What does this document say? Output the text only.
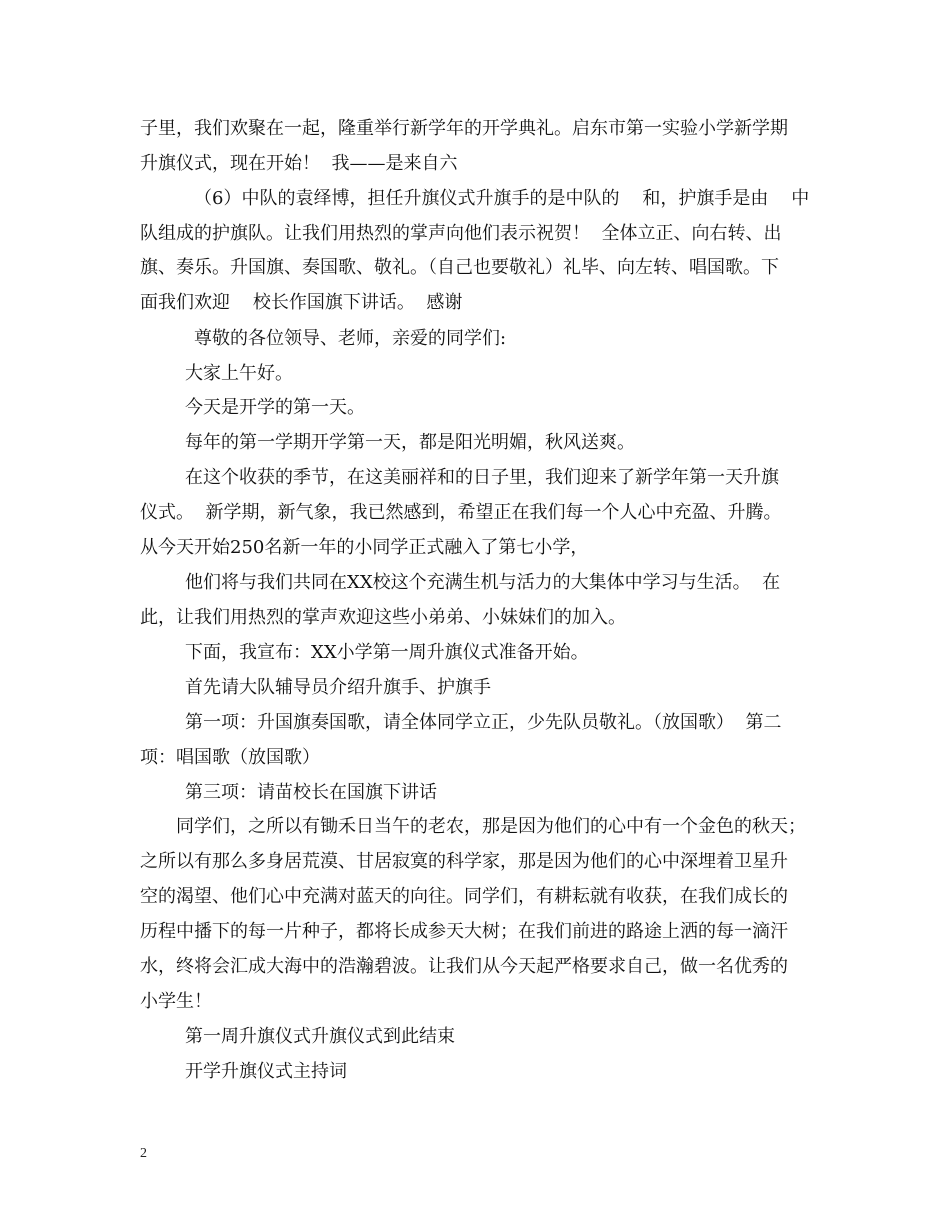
子里，我们欢聚在一起，隆重举行新学年的开学典礼。启东市第一实验小学新学期
升旗仪式，现在开始！  我——是来自六
（6）中队的袁绎博，担任升旗仪式升旗手的是中队的    和，护旗手是由    中
队组成的护旗队。让我们用热烈的掌声向他们表示祝贺！  全体立正、向右转、出
旗、奏乐。升国旗、奏国歌、敬礼。（自己也要敬礼）礼毕、向左转、唱国歌。下
面我们欢迎    校长作国旗下讲话。  感谢
尊敬的各位领导、老师，亲爱的同学们:
大家上午好。
今天是开学的第一天。
每年的第一学期开学第一天，都是阳光明媚，秋风送爽。
在这个收获的季节，在这美丽祥和的日子里，我们迎来了新学年第一天升旗
仪式。  新学期，新气象，我已然感到，希望正在我们每一个人心中充盈、升腾。
从今天开始250名新一年的小同学正式融入了第七小学，
他们将与我们共同在XX校这个充满生机与活力的大集体中学习与生活。  在
此，让我们用热烈的掌声欢迎这些小弟弟、小妹妹们的加入。
下面，我宣布：XX小学第一周升旗仪式准备开始。
首先请大队辅导员介绍升旗手、护旗手
第一项：升国旗奏国歌，请全体同学立正，少先队员敬礼。（放国歌）  第二
项：唱国歌（放国歌）
第三项：请苗校长在国旗下讲话
同学们，之所以有锄禾日当午的老农，那是因为他们的心中有一个金色的秋天；
之所以有那么多身居荒漠、甘居寂寞的科学家，那是因为他们的心中深埋着卫星升
空的渴望、他们心中充满对蓝天的向往。同学们，有耕耘就有收获，在我们成长的
历程中播下的每一片种子，都将长成参天大树；在我们前进的路途上洒的每一滴汗
水，终将会汇成大海中的浩瀚碧波。让我们从今天起严格要求自己，做一名优秀的
小学生！
第一周升旗仪式升旗仪式到此结束
开学升旗仪式主持词
2
